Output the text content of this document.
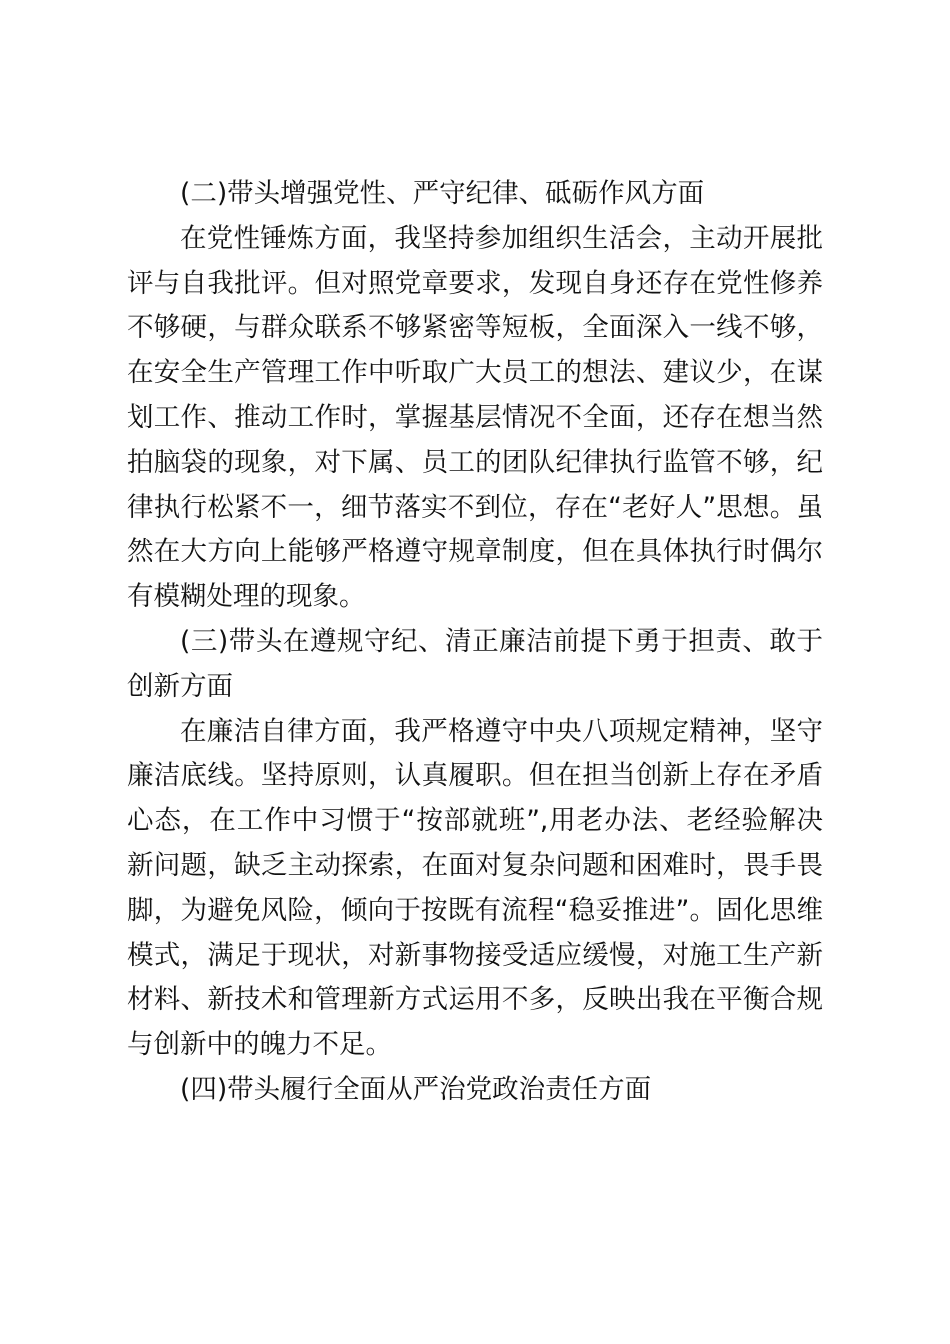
(二)带头增强党性、严守纪律、砥砺作风方面

在党性锤炼方面，我坚持参加组织生活会，主动开展批评与自我批评。但对照党章要求，发现自身还存在党性修养不够硬，与群众联系不够紧密等短板，全面深入一线不够，在安全生产管理工作中听取广大员工的想法、建议少，在谋划工作、推动工作时，掌握基层情况不全面，还存在想当然拍脑袋的现象，对下属、员工的团队纪律执行监管不够，纪律执行松紧不一，细节落实不到位，存在“老好人”思想。虽然在大方向上能够严格遵守规章制度，但在具体执行时偶尔有模糊处理的现象。

(三)带头在遵规守纪、清正廉洁前提下勇于担责、敢于创新方面

在廉洁自律方面，我严格遵守中央八项规定精神，坚守廉洁底线。坚持原则，认真履职。但在担当创新上存在矛盾心态，在工作中习惯于“按部就班”,用老办法、老经验解决新问题，缺乏主动探索，在面对复杂问题和困难时，畏手畏脚，为避免风险，倾向于按既有流程“稳妥推进”。固化思维模式，满足于现状，对新事物接受适应缓慢，对施工生产新材料、新技术和管理新方式运用不多，反映出我在平衡合规与创新中的魄力不足。

(四)带头履行全面从严治党政治责任方面
